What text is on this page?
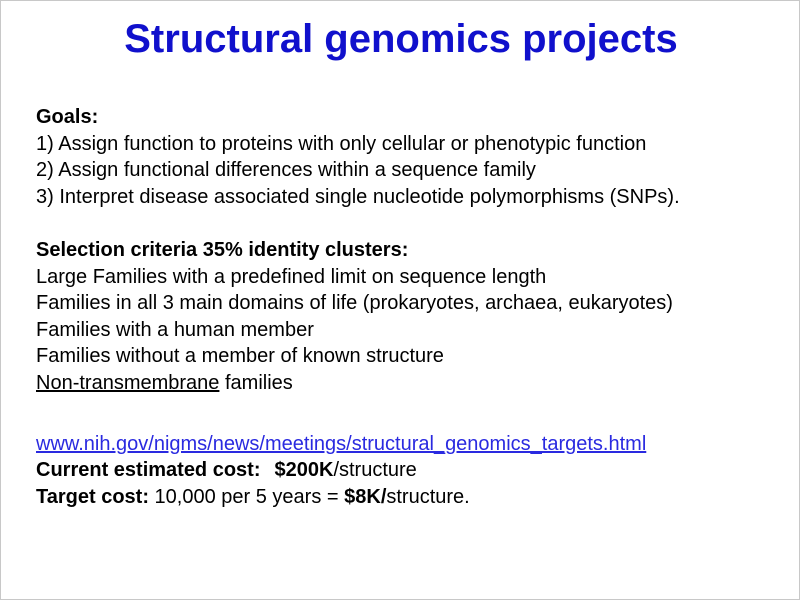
Structural genomics projects
Goals:
1) Assign function to proteins with only cellular or phenotypic function
2) Assign functional differences within a sequence family
3) Interpret disease associated single nucleotide polymorphisms (SNPs).
Selection criteria 35% identity clusters:
Large Families with a predefined limit on sequence length
Families in all 3 main domains of life (prokaryotes, archaea, eukaryotes)
Families with a human member
Families without a member of known structure
Non-transmembrane families
www.nih.gov/nigms/news/meetings/structural_genomics_targets.html
Current estimated cost: $200K/structure
Target cost: 10,000 per 5 years = $8K/structure.
